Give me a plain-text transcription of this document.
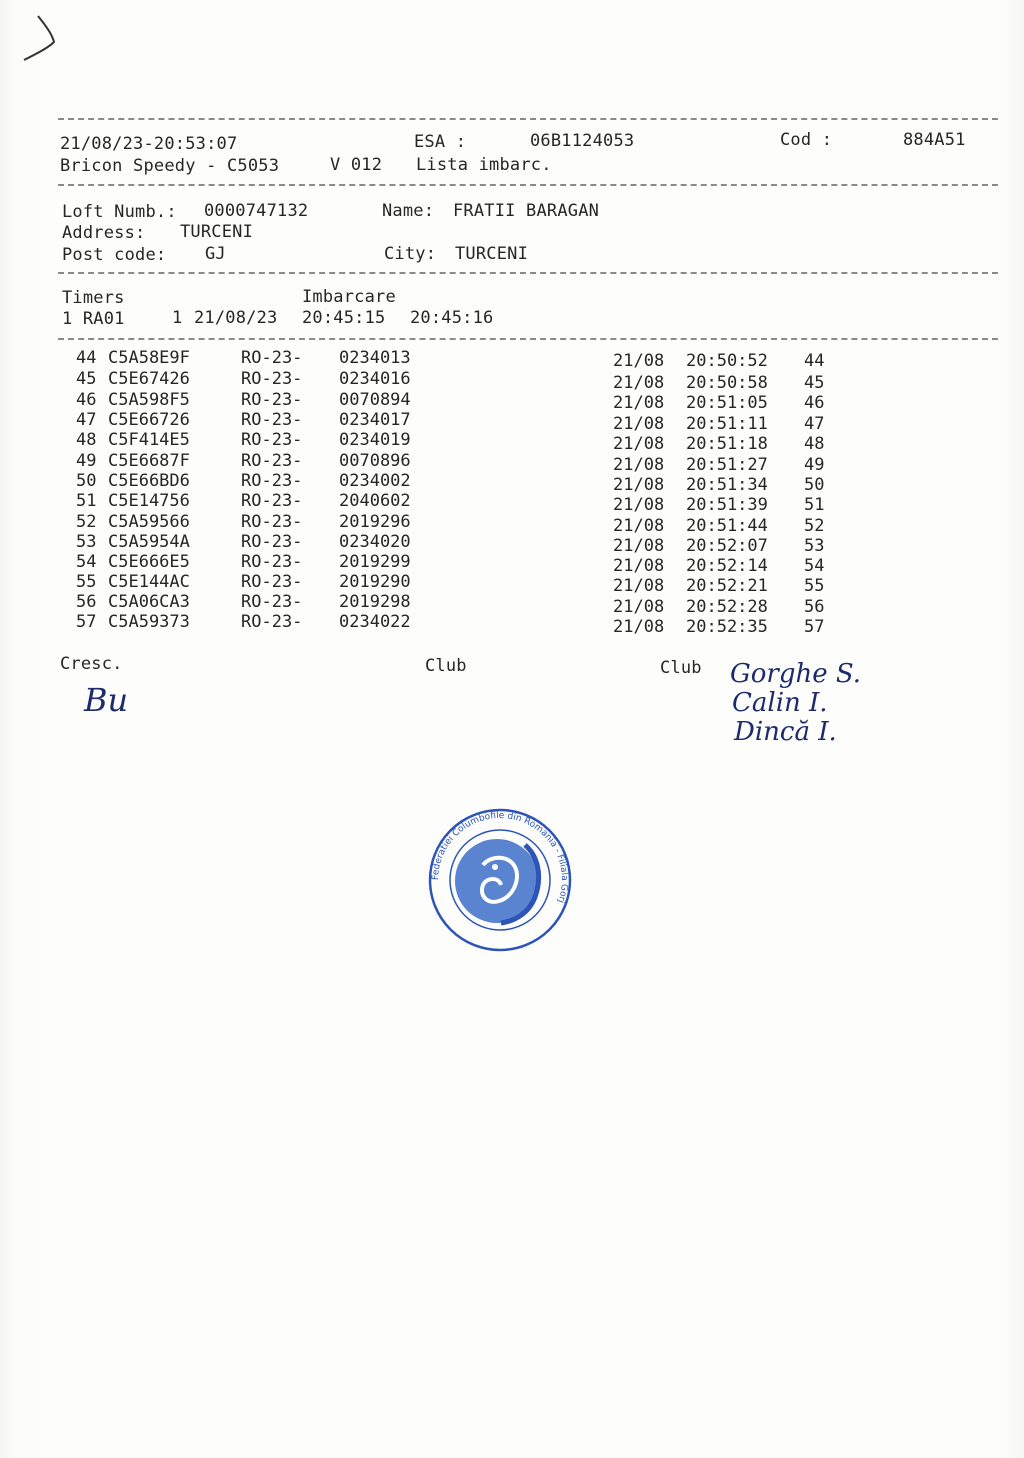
21/08/23-20:53:07	ESA :	06B1124053	Cod :	884A51
Bricon Speedy - C5053	V 012 Lista imbarc.
Loft Numb.: 0000747132	Name: FRATII BARAGAN
Address: TURCENI
Post code: GJ	City: TURCENI
Timers	Imbarcare
1 RA01	1 21/08/23 20:45:15 20:45:16
44 C5A58E9F	RO-23- 0234013	21/08 20:50:52 44
45 C5E67426	RO-23- 0234016	21/08 20:50:58 45
46 C5A598F5	RO-23- 0070894	21/08 20:51:05 46
47 C5E66726	RO-23- 0234017	21/08 20:51:11 47
48 C5F414E5	RO-23- 0234019	21/08 20:51:18 48
49 C5E6687F	RO-23- 0070896	21/08 20:51:27 49
50 C5E66BD6	RO-23- 0234002	21/08 20:51:34 50
51 C5E14756	RO-23- 2040602	21/08 20:51:39 51
52 C5A59566	RO-23- 2019296	21/08 20:51:44 52
53 C5A5954A	RO-23- 0234020	21/08 20:52:07 53
54 C5E666E5	RO-23- 2019299	21/08 20:52:14 54
55 C5E144AC	RO-23- 2019290	21/08 20:52:21 55
56 C5A06CA3	RO-23- 2019298	21/08 20:52:28 56
57 C5A59373	RO-23- 0234022	21/08 20:52:35 57
Cresc.	Club	Club
Bu
Gorghe S.
Calin I.
Dincă I.
Federatiei Columbofile din Romania - Filiala Gorj
